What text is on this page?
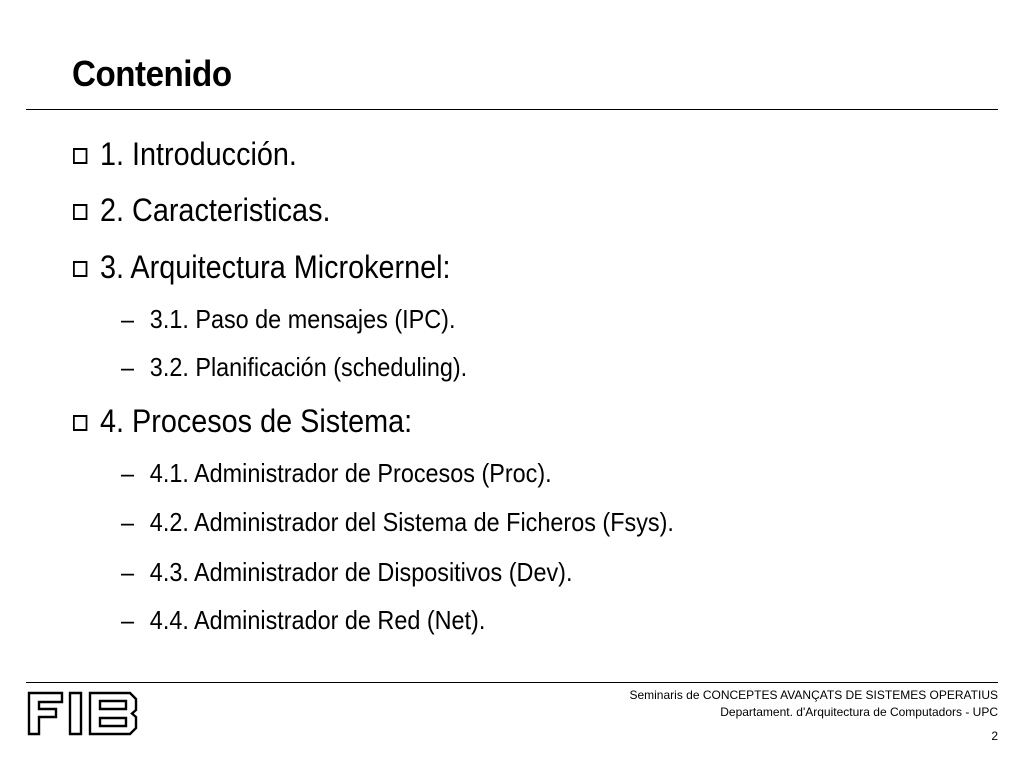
Contenido
1. Introducción.
2. Caracteristicas.
3. Arquitectura Microkernel:
– 3.1. Paso de mensajes (IPC).
– 3.2. Planificación (scheduling).
4. Procesos de Sistema:
– 4.1. Administrador de Procesos (Proc).
– 4.2. Administrador del Sistema de Ficheros (Fsys).
– 4.3. Administrador de Dispositivos (Dev).
– 4.4. Administrador de Red (Net).
Seminaris de CONCEPTES AVANÇATS DE SISTEMES OPERATIUS
Departament. d'Arquitectura de Computadors - UPC
2
